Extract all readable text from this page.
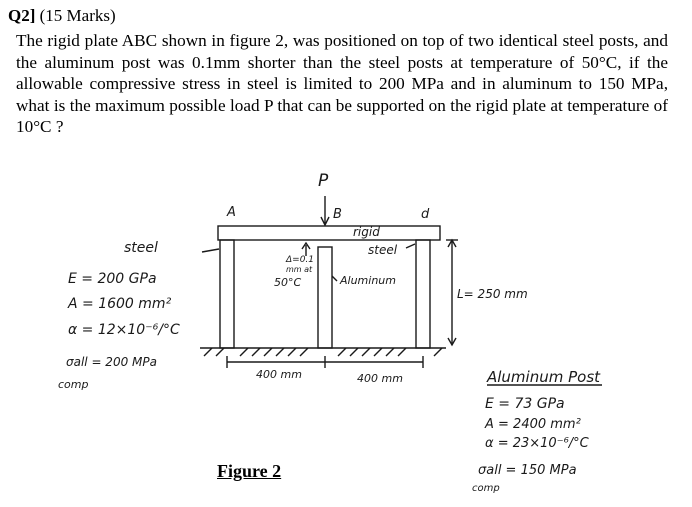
Q2] (15 Marks)
The rigid plate ABC shown in figure 2, was positioned on top of two identical steel posts, and the aluminum post was 0.1mm shorter than the steel posts at temperature of 50°C, if the allowable compressive stress in steel is limited to 200 MPa and in aluminum to 150 MPa, what is the maximum possible load P that can be supported on the rigid plate at temperature of 10°C ?
P
A	B	d
rigid
steel
Δ=0.1
mm at
50°C	Aluminum
L= 250 mm
400 mm	400 mm
steel
E = 200 GPa
A = 1600 mm²
α = 12×10⁻⁶/°C
σall = 200 MPa
comp	Aluminum Post
E = 73 GPa
A = 2400 mm²
α = 23×10⁻⁶/°C
σall = 150 MPa
comp
Figure 2
